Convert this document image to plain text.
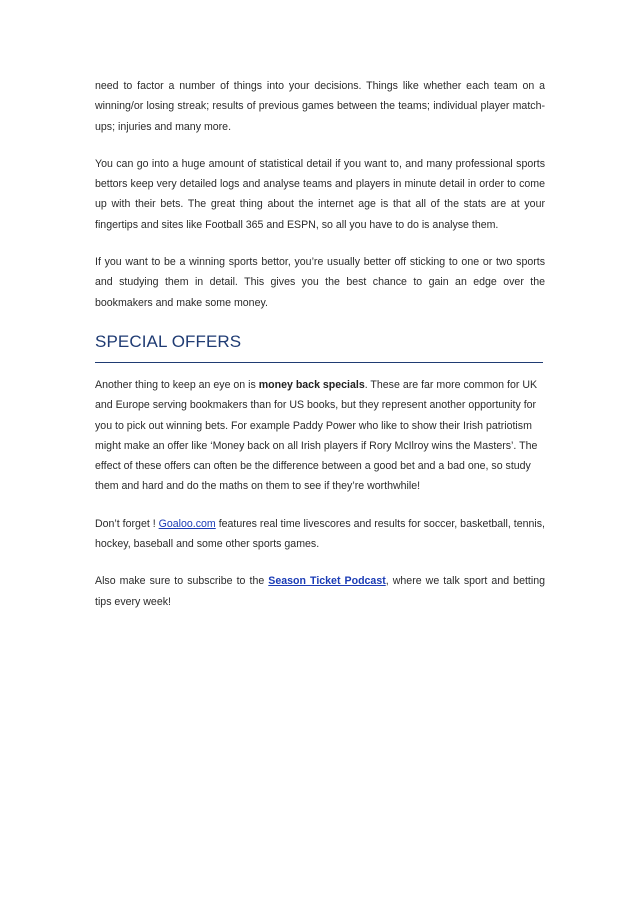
need to factor a number of things into your decisions. Things like whether each team on a winning/or losing streak; results of previous games between the teams; individual player match-ups; injuries and many more.

You can go into a huge amount of statistical detail if you want to, and many professional sports bettors keep very detailed logs and analyse teams and players in minute detail in order to come up with their bets. The great thing about the internet age is that all of the stats are at your fingertips and sites like Football 365 and ESPN, so all you have to do is analyse them.

If you want to be a winning sports bettor, you’re usually better off sticking to one or two sports and studying them in detail. This gives you the best chance to gain an edge over the bookmakers and make some money.

SPECIAL OFFERS

Another thing to keep an eye on is money back specials. These are far more common for UK and Europe serving bookmakers than for US books, but they represent another opportunity for you to pick out winning bets. For example Paddy Power who like to show their Irish patriotism might make an offer like ‘Money back on all Irish players if Rory McIlroy wins the Masters’. The effect of these offers can often be the difference between a good bet and a bad one, so study them and hard and do the maths on them to see if they’re worthwhile!

Don’t forget ! Goaloo.com features real time livescores and results for soccer, basketball, tennis, hockey, baseball and some other sports games.

Also make sure to subscribe to the Season Ticket Podcast, where we talk sport and betting tips every week!
